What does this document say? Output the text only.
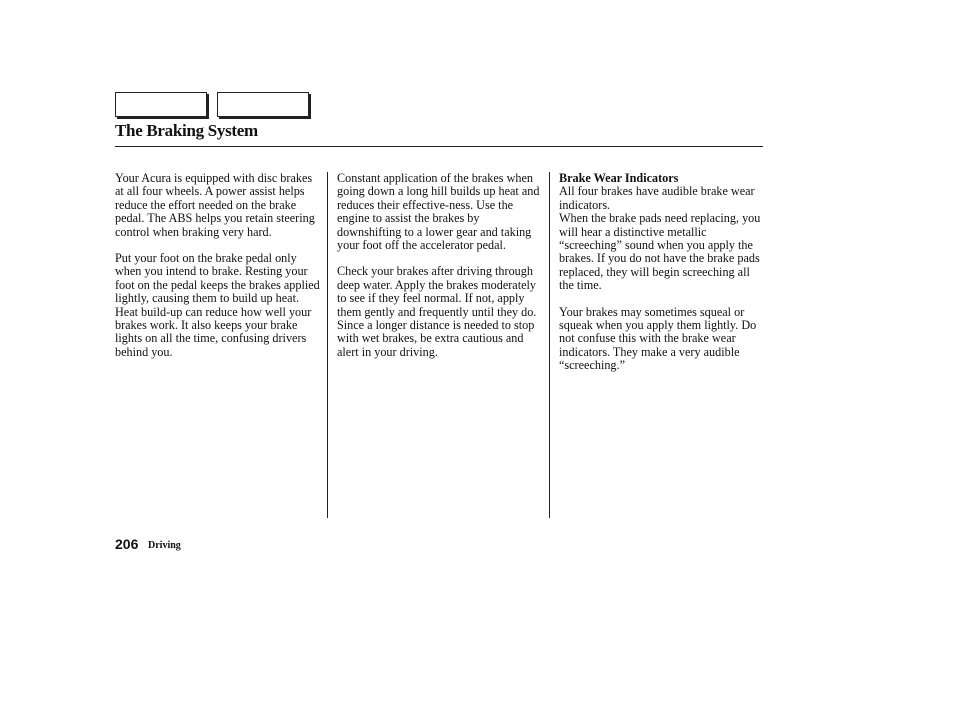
The Braking System

Your Acura is equipped with disc brakes at all four wheels. A power assist helps reduce the effort needed on the brake pedal. The ABS helps you retain steering control when braking very hard.

Put your foot on the brake pedal only when you intend to brake. Resting your foot on the pedal keeps the brakes applied lightly, causing them to build up heat. Heat build-up can reduce how well your brakes work. It also keeps your brake lights on all the time, confusing drivers behind you.

Constant application of the brakes when going down a long hill builds up heat and reduces their effective-ness. Use the engine to assist the brakes by downshifting to a lower gear and taking your foot off the accelerator pedal.

Check your brakes after driving through deep water. Apply the brakes moderately to see if they feel normal. If not, apply them gently and frequently until they do. Since a longer distance is needed to stop with wet brakes, be extra cautious and alert in your driving.

Brake Wear Indicators
All four brakes have audible brake wear indicators.

When the brake pads need replacing, you will hear a distinctive metallic “screeching” sound when you apply the brakes. If you do not have the brake pads replaced, they will begin screeching all the time.

Your brakes may sometimes squeal or squeak when you apply them lightly. Do not confuse this with the brake wear indicators. They make a very audible “screeching.”

206 Driving
